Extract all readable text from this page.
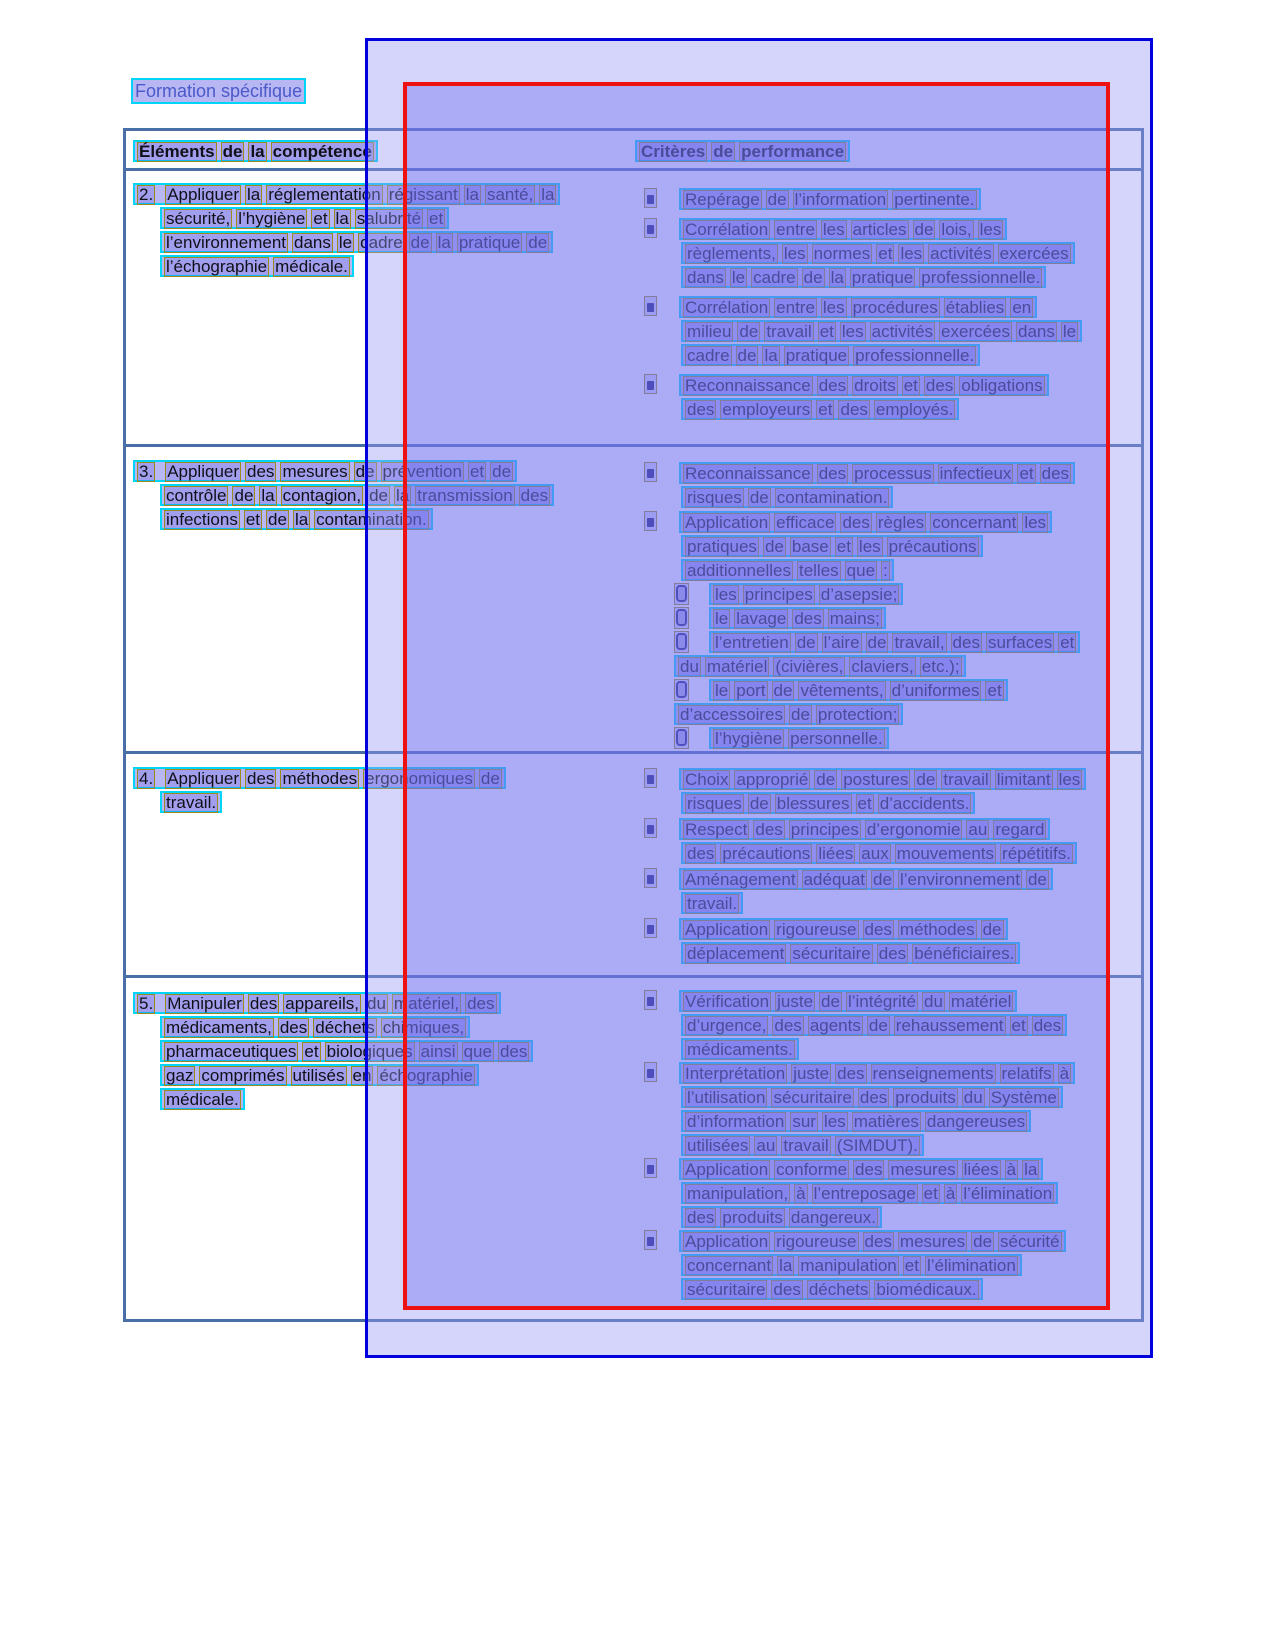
Formation spécifique
Éléments de la compétence	Critères de performance
2. Appliquer la réglementation régissant la santé, la
sécurité, l’hygiène et la salubrité et
l’environnement dans le cadre de la pratique de
l’échographie médicale.
Repérage de l’information pertinente.
Corrélation entre les articles de lois, les
règlements, les normes et les activités exercées
dans le cadre de la pratique professionnelle.
Corrélation entre les procédures établies en
milieu de travail et les activités exercées dans le
cadre de la pratique professionnelle.
Reconnaissance des droits et des obligations
des employeurs et des employés.
3. Appliquer des mesures de prévention et de
contrôle de la contagion, de la transmission des
infections et de la contamination.
Reconnaissance des processus infectieux et des
risques de contamination.
Application efficace des règles concernant les
pratiques de base et les précautions
additionnelles telles que :
les principes d’asepsie;
le lavage des mains;
l’entretien de l’aire de travail, des surfaces et
du matériel (civières, claviers, etc.);
le port de vêtements, d’uniformes et
d’accessoires de protection;
l’hygiène personnelle.
4. Appliquer des méthodes ergonomiques de
travail.
Choix approprié de postures de travail limitant les
risques de blessures et d’accidents.
Respect des principes d’ergonomie au regard
des précautions liées aux mouvements répétitifs.
Aménagement adéquat de l’environnement de
travail.
Application rigoureuse des méthodes de
déplacement sécuritaire des bénéficiaires.
5. Manipuler des appareils, du matériel, des
médicaments, des déchets chimiques,
pharmaceutiques et biologiques ainsi que des
gaz comprimés utilisés en échographie
médicale.
Vérification juste de l’intégrité du matériel
d’urgence, des agents de rehaussement et des
médicaments.
Interprétation juste des renseignements relatifs à
l’utilisation sécuritaire des produits du Système
d’information sur les matières dangereuses
utilisées au travail (SIMDUT).
Application conforme des mesures liées à la
manipulation, à l’entreposage et à l’élimination
des produits dangereux.
Application rigoureuse des mesures de sécurité
concernant la manipulation et l’élimination
sécuritaire des déchets biomédicaux.
